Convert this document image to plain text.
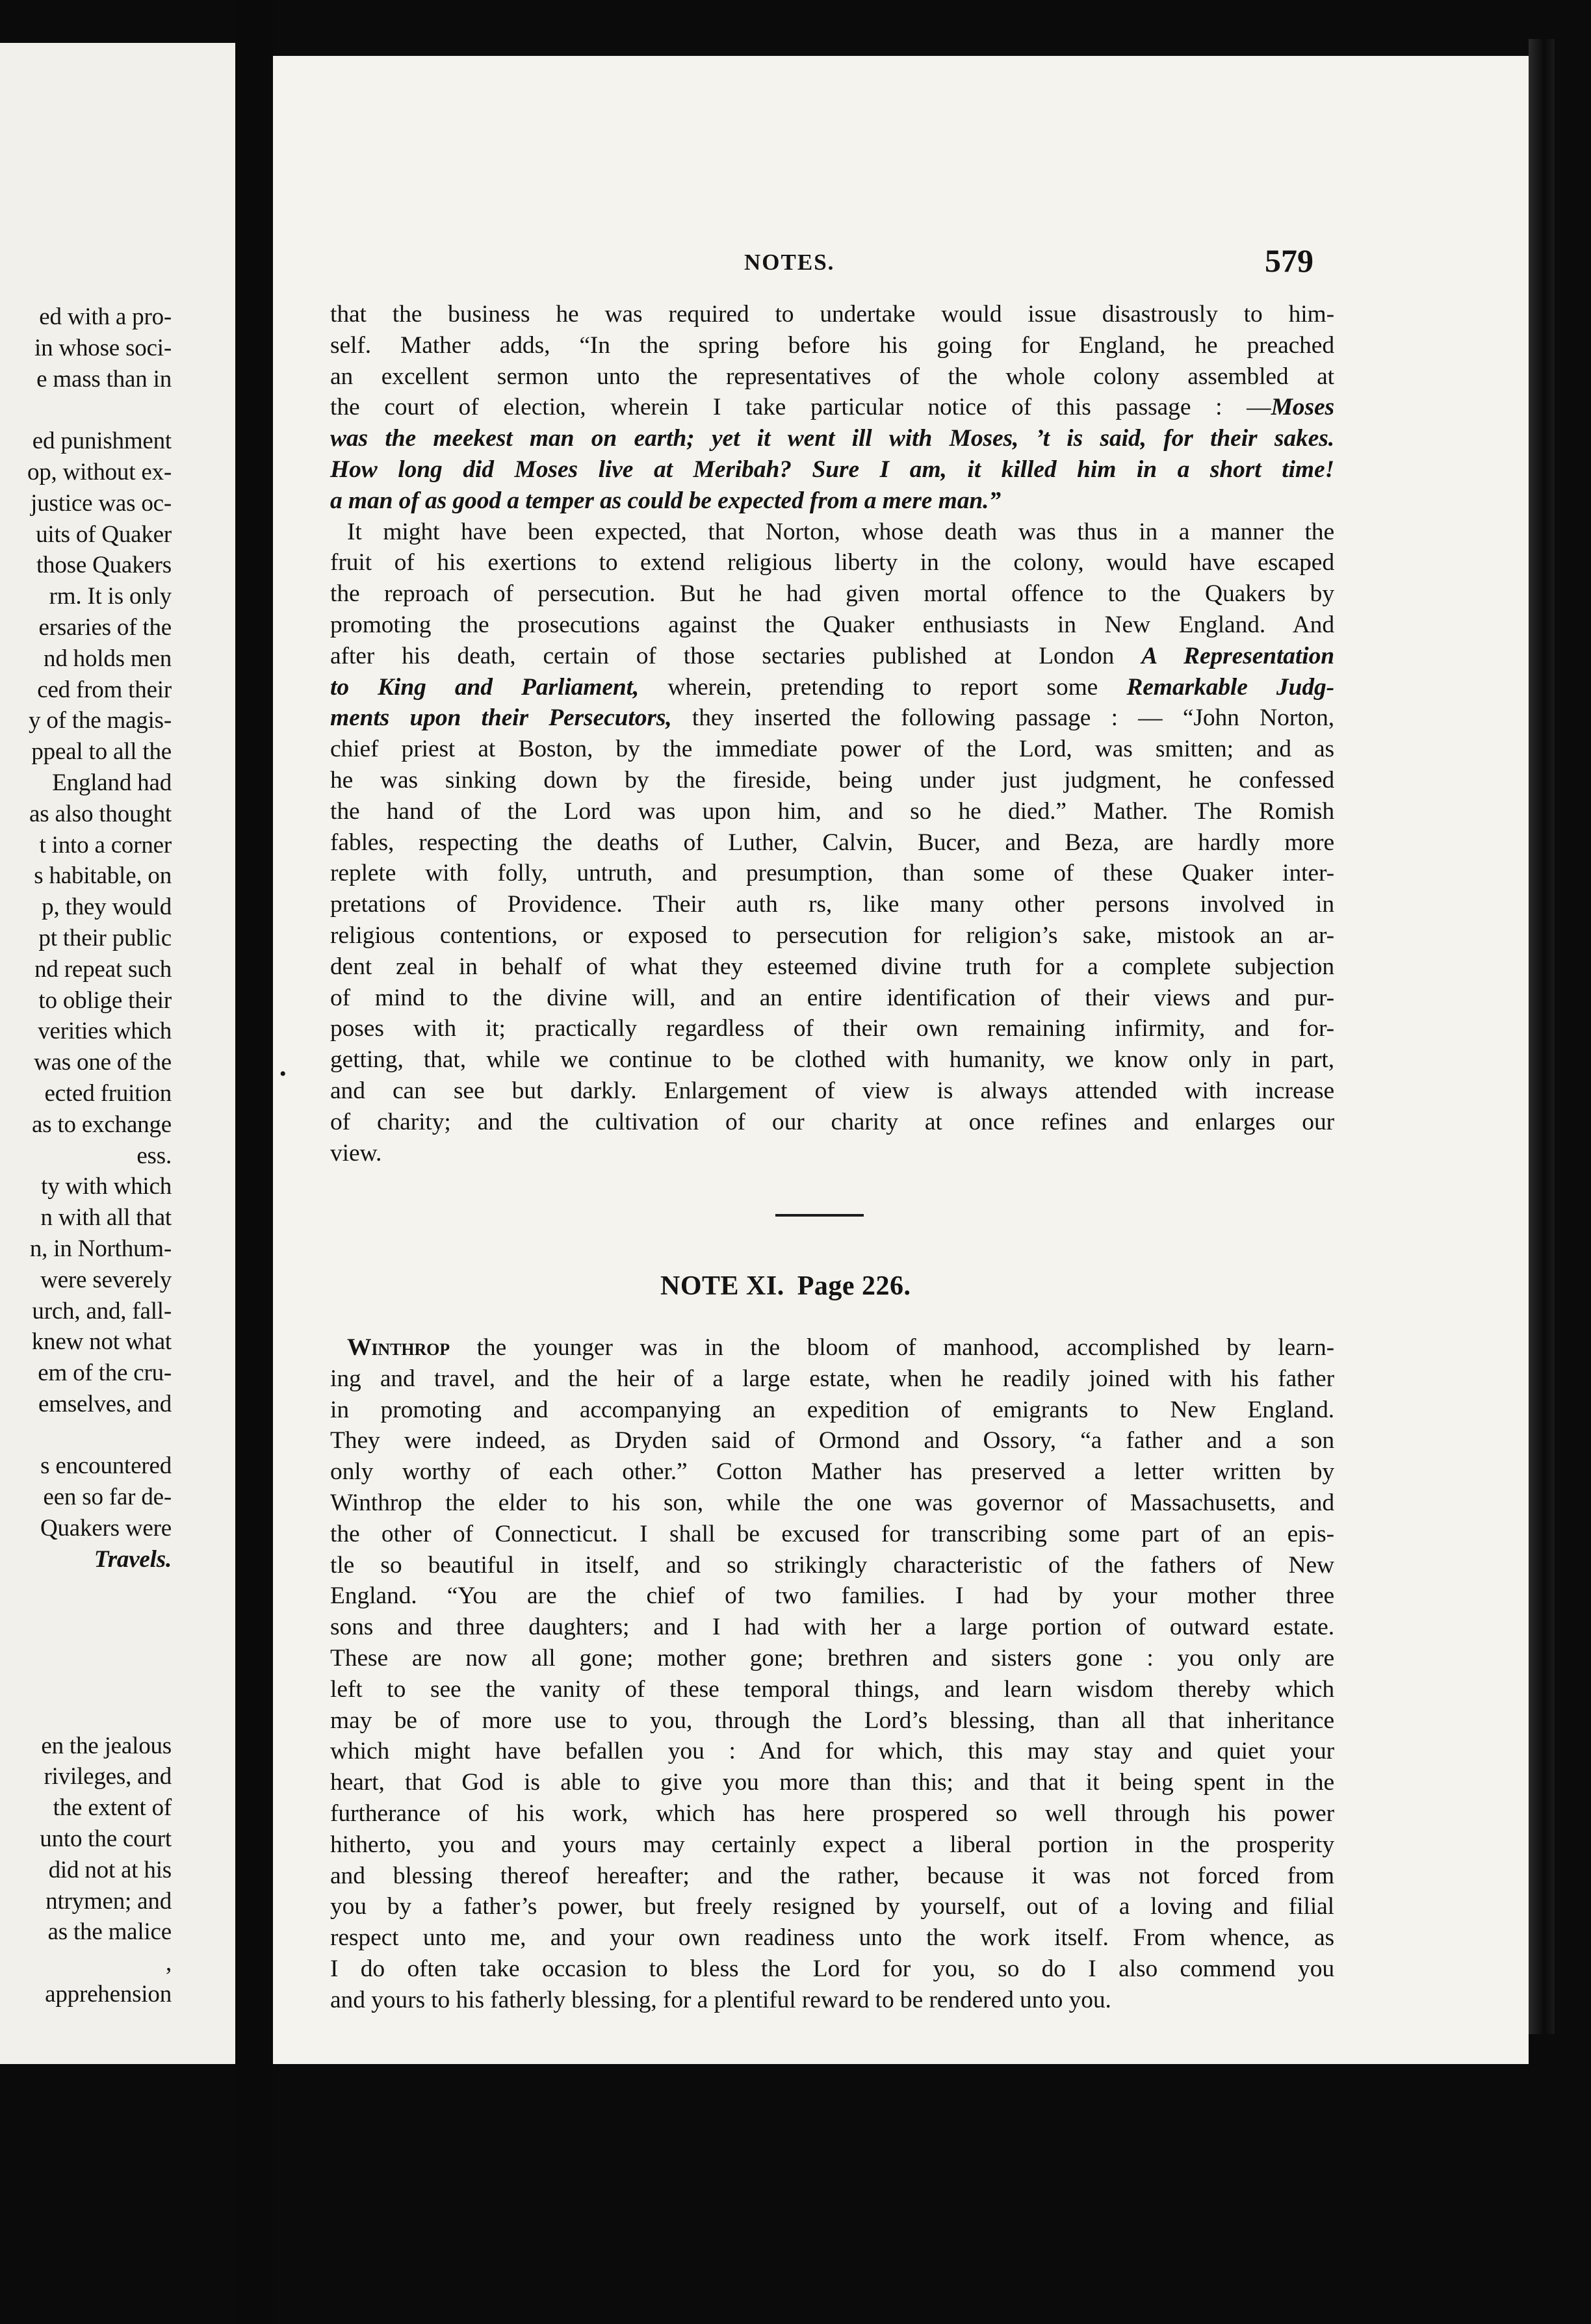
ed with a pro-
in whose soci-
e mass than in
ed punishment
op, without ex-
justice was oc-
uits of Quaker
those Quakers
rm. It is only
ersaries of the
nd holds men
ced from their
y of the magis-
ppeal to all the
England had
as also thought
t into a corner
s habitable, on
p, they would
pt their public
nd repeat such
to oblige their
verities which
was one of the
ected fruition
as to exchange
ess.
ty with which
n with all that
n, in Northum-
were severely
urch, and, fall-
knew not what
em of the cru-
emselves, and
s encountered
een so far de-
Quakers were
Travels.
en the jealous
rivileges, and
the extent of
unto the court
did not at his
ntrymen; and
as the malice
,
apprehension
NOTES.	579
that the business he was required to undertake would issue disastrously to him-
self. Mather adds, “In the spring before his going for England, he preached
an excellent sermon unto the representatives of the whole colony assembled at
the court of election, wherein I take particular notice of this passage : —Moses
was the meekest man on earth; yet it went ill with Moses, ’t is said, for their sakes.
How long did Moses live at Meribah? Sure I am, it killed him in a short time!
a man of as good a temper as could be expected from a mere man.”
It might have been expected, that Norton, whose death was thus in a manner the
fruit of his exertions to extend religious liberty in the colony, would have escaped
the reproach of persecution. But he had given mortal offence to the Quakers by
promoting the prosecutions against the Quaker enthusiasts in New England. And
after his death, certain of those sectaries published at London A Representation
to King and Parliament, wherein, pretending to report some Remarkable Judg-
ments upon their Persecutors, they inserted the following passage : — “John Norton,
chief priest at Boston, by the immediate power of the Lord, was smitten; and as
he was sinking down by the fireside, being under just judgment, he confessed
the hand of the Lord was upon him, and so he died.” Mather. The Romish
fables, respecting the deaths of Luther, Calvin, Bucer, and Beza, are hardly more
replete with folly, untruth, and presumption, than some of these Quaker inter-
pretations of Providence. Their auth rs, like many other persons involved in
religious contentions, or exposed to persecution for religion’s sake, mistook an ar-
dent zeal in behalf of what they esteemed divine truth for a complete subjection
of mind to the divine will, and an entire identification of their views and pur-
poses with it; practically regardless of their own remaining infirmity, and for-
getting, that, while we continue to be clothed with humanity, we know only in part,
and can see but darkly. Enlargement of view is always attended with increase
of charity; and the cultivation of our charity at once refines and enlarges our
view.
•
NOTE XI. Page 226.
Winthrop the younger was in the bloom of manhood, accomplished by learn-
ing and travel, and the heir of a large estate, when he readily joined with his father
in promoting and accompanying an expedition of emigrants to New England.
They were indeed, as Dryden said of Ormond and Ossory, “a father and a son
only worthy of each other.” Cotton Mather has preserved a letter written by
Winthrop the elder to his son, while the one was governor of Massachusetts, and
the other of Connecticut. I shall be excused for transcribing some part of an epis-
tle so beautiful in itself, and so strikingly characteristic of the fathers of New
England. “You are the chief of two families. I had by your mother three
sons and three daughters; and I had with her a large portion of outward estate.
These are now all gone; mother gone; brethren and sisters gone : you only are
left to see the vanity of these temporal things, and learn wisdom thereby which
may be of more use to you, through the Lord’s blessing, than all that inheritance
which might have befallen you : And for which, this may stay and quiet your
heart, that God is able to give you more than this; and that it being spent in the
furtherance of his work, which has here prospered so well through his power
hitherto, you and yours may certainly expect a liberal portion in the prosperity
and blessing thereof hereafter; and the rather, because it was not forced from
you by a father’s power, but freely resigned by yourself, out of a loving and filial
respect unto me, and your own readiness unto the work itself. From whence, as
I do often take occasion to bless the Lord for you, so do I also commend you
and yours to his fatherly blessing, for a plentiful reward to be rendered unto you.
